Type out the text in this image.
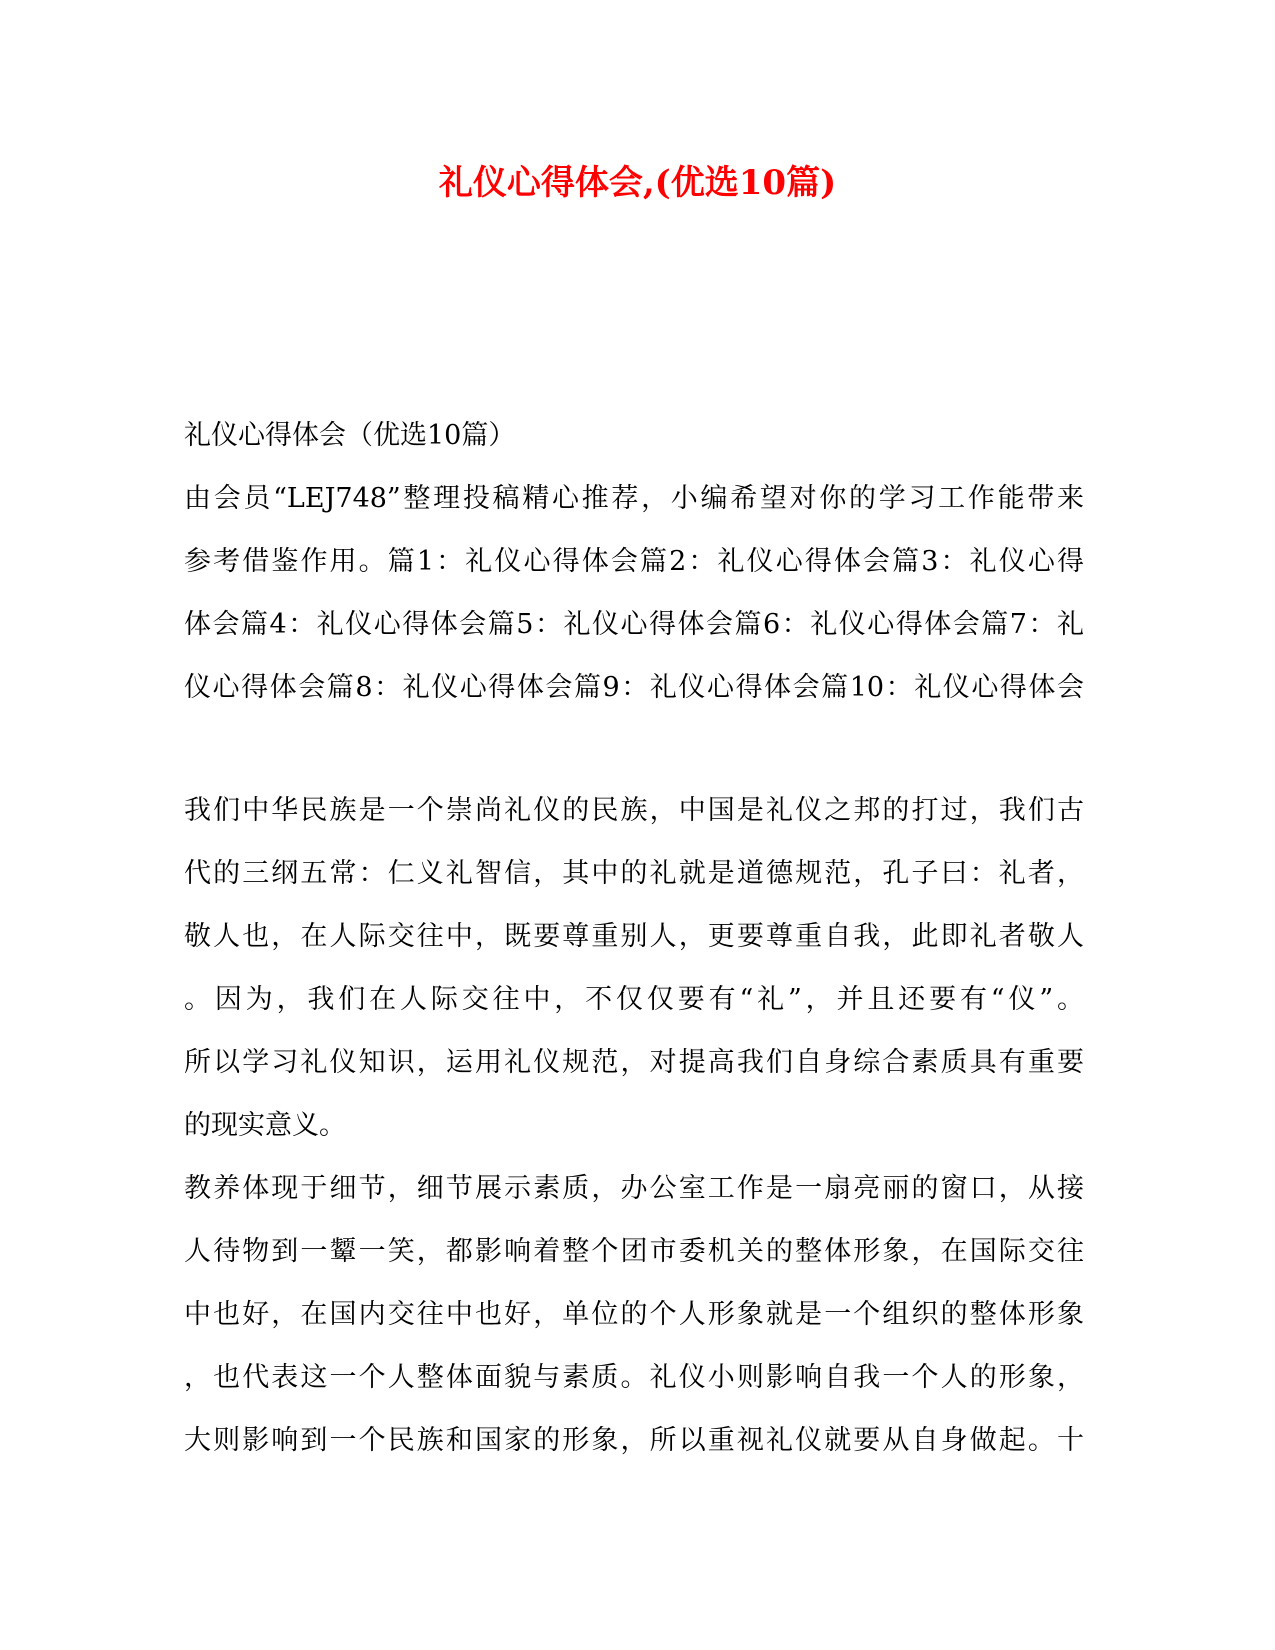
礼仪心得体会,(优选10篇)
礼仪心得体会（优选10篇）
由会员“LEJ748”整理投稿精心推荐，小编希望对你的学习工作能带来
参考借鉴作用。篇1：礼仪心得体会篇2：礼仪心得体会篇3：礼仪心得
体会篇4：礼仪心得体会篇5：礼仪心得体会篇6：礼仪心得体会篇7：礼
仪心得体会篇8：礼仪心得体会篇9：礼仪心得体会篇10：礼仪心得体会
我们中华民族是一个崇尚礼仪的民族，中国是礼仪之邦的打过，我们古
代的三纲五常：仁义礼智信，其中的礼就是道德规范，孔子曰：礼者，
敬人也，在人际交往中，既要尊重别人，更要尊重自我，此即礼者敬人
。因为，我们在人际交往中，不仅仅要有“礼”，并且还要有“仪”。
所以学习礼仪知识，运用礼仪规范，对提高我们自身综合素质具有重要
的现实意义。
教养体现于细节，细节展示素质，办公室工作是一扇亮丽的窗口，从接
人待物到一颦一笑，都影响着整个团市委机关的整体形象，在国际交往
中也好，在国内交往中也好，单位的个人形象就是一个组织的整体形象
，也代表这一个人整体面貌与素质。礼仪小则影响自我一个人的形象，
大则影响到一个民族和国家的形象，所以重视礼仪就要从自身做起。十
